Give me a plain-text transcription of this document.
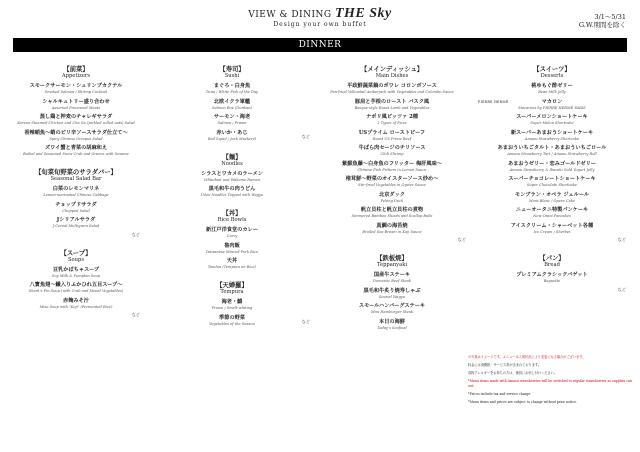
VIEW & DINING THE Sky
Design your own buffet
3/1～5/31
G.W.期間を除く
DINNER
【前菜】
Appetizers
スモークサーモン・シュリンプカクテル
Smoked Salmon / Shrimp Cocktail
シャルキュトリー盛り合わせ
Assorted Processed Meats
蒸し鶏と押麦のチャレギサラダ
Korean Steamed Chicken and Cha Ga (pickled rolled oats) Salad
香辣蛸魚～蛸のピリ辛ソースサラダ仕立て～
Spicy Chinese Octopus Salad
ズワイ蟹と青菜の胡麻和え
Boiled and Seasoned Snow Crab and Greens with Sesame
【旬菜旬野菜のサラダバー】
Seasonal Salad Bar
白菜のレモンマリネ
Lemon-marinated Chinese Cabbage
チョップドサラダ
Chopped Salad
Jシリアルサラダ
J-Cereal Multigrain Salad
など
【スープ】
Soups
豆乳かぼちゃスープ
Soy Milk & Pumpkin Soup
八寳魚翅～鱶入りふかひれ五目スープ～
Shark's Fin Soup (with Crab and Mixed Vegetables)
赤麹みそ汁
Miso Soup with "Koji" (Fermented Rice)
など
【寿司】
Sushi
まぐろ・白身魚
Tuna / White Fish of the Day
北欧イクラ軍艦
Salmon Roe (Gunkan)
サーモン・海老
Salmon / Prawn
赤いか・あじ
Red Squid / Jack Mackerel	など
【麺】
Noodles
シラスとワカメのラーメン
Whitebait and Wakame Ramen
黒毛和牛の肉うどん
Udon Noodles Topped with Wagyu
【丼】
Rice Bowls
新江戸洋食堂のカレー
Curry
魯肉飯
Taiwanese Minced Pork Rice
天丼
Tendon (Tempura on Rice)
【天婦羅】
Tempura
海老・鱚
Prawn / Smelt-whiting
季節の野菜
Vegetables of the Season	など
【メインディッシュ】
Main Dishes
平政鮮蔬菜鍋のポワレ コロンボソース
Pan-fried Yellowtail Amberjack with Vegetables and Colombo Sauce
豚肩と芋根のロースト バスク風
Basque-style Roast Lamb and Vegetables
ナポリ風ピッツァ 2種
2 Types of Pizza
USプライム ローストビーフ
Roast US Prime Beef
牛ばら肉セージのチリソース
Chili Shrimp
紫蘇魚藤～白身魚のフリッター 梅肝風味～
Chinese Fish Fritters in Lemon Sauce
椎茸鮮～野菜のオイスターソース炒め～
Stir-fried Vegetables in Oyster Sauce
北京ダック
Peking Duck
帆立貝柱と帆立貝柱の煮物
Simmered Bamboo Shoots and Scallop Balls
真鯛の海苔焼
Broiled Sea Bream in Koji Sauce
など
【鉄板焼】
Teppanyaki
国産牛ステーキ
Domestic Beef Steak
黒毛和牛炙り焼寿しゃぶ
Seared Wagyu
スモールハンバーグステーキ
Mini Hamburger Steak
本日の海鮮
Today's Seafood
【スイーツ】
Desserts
桃ゆもぐ酢ゼリー
Bean Milk Jelly
PIERRE HERMÉ	マカロン
Macarons by PIERRE HERMÉ PARIS
スーパーメロンショートケーキ
Super Melon Shortcake
新スーパーあまおうショートケーキ
Amaou Strawberry Shortcake
あまおういちごタルト・あまおういちごロール
Amaou Strawberry Tart / Amaou Strawberry Roll
あまおうゼリー・恋みゴールドゼリー
Amaou Strawberry & Ibaraki Gold Yogurt Jelly
スーパーチョコレートショートケーキ
Super Chocolate Shortcake
モンブラン・オペラ ジェルール
Mont Blanc / Opera Cake
ニューオータニ特製パンケーキ
New Otani Pancakes
アイスクリーム・シャーベット各種
Ice Cream / Sherbet
など
【パン】
Bread
プレミアムクラシックバゲット
Baguette
など

※写真はイメージです。メニューは入荷状況により変更になる場合がございます。

料金には消費税・サービス料が含まれております。

食物アレルギーをお持ちの方は、係員にお申し付けください。

*Menu items made with Amaou strawberries will be switched to regular strawberries as supplies run out.

*Prices include tax and service charge.

*Menu items and prices are subject to change without prior notice.
